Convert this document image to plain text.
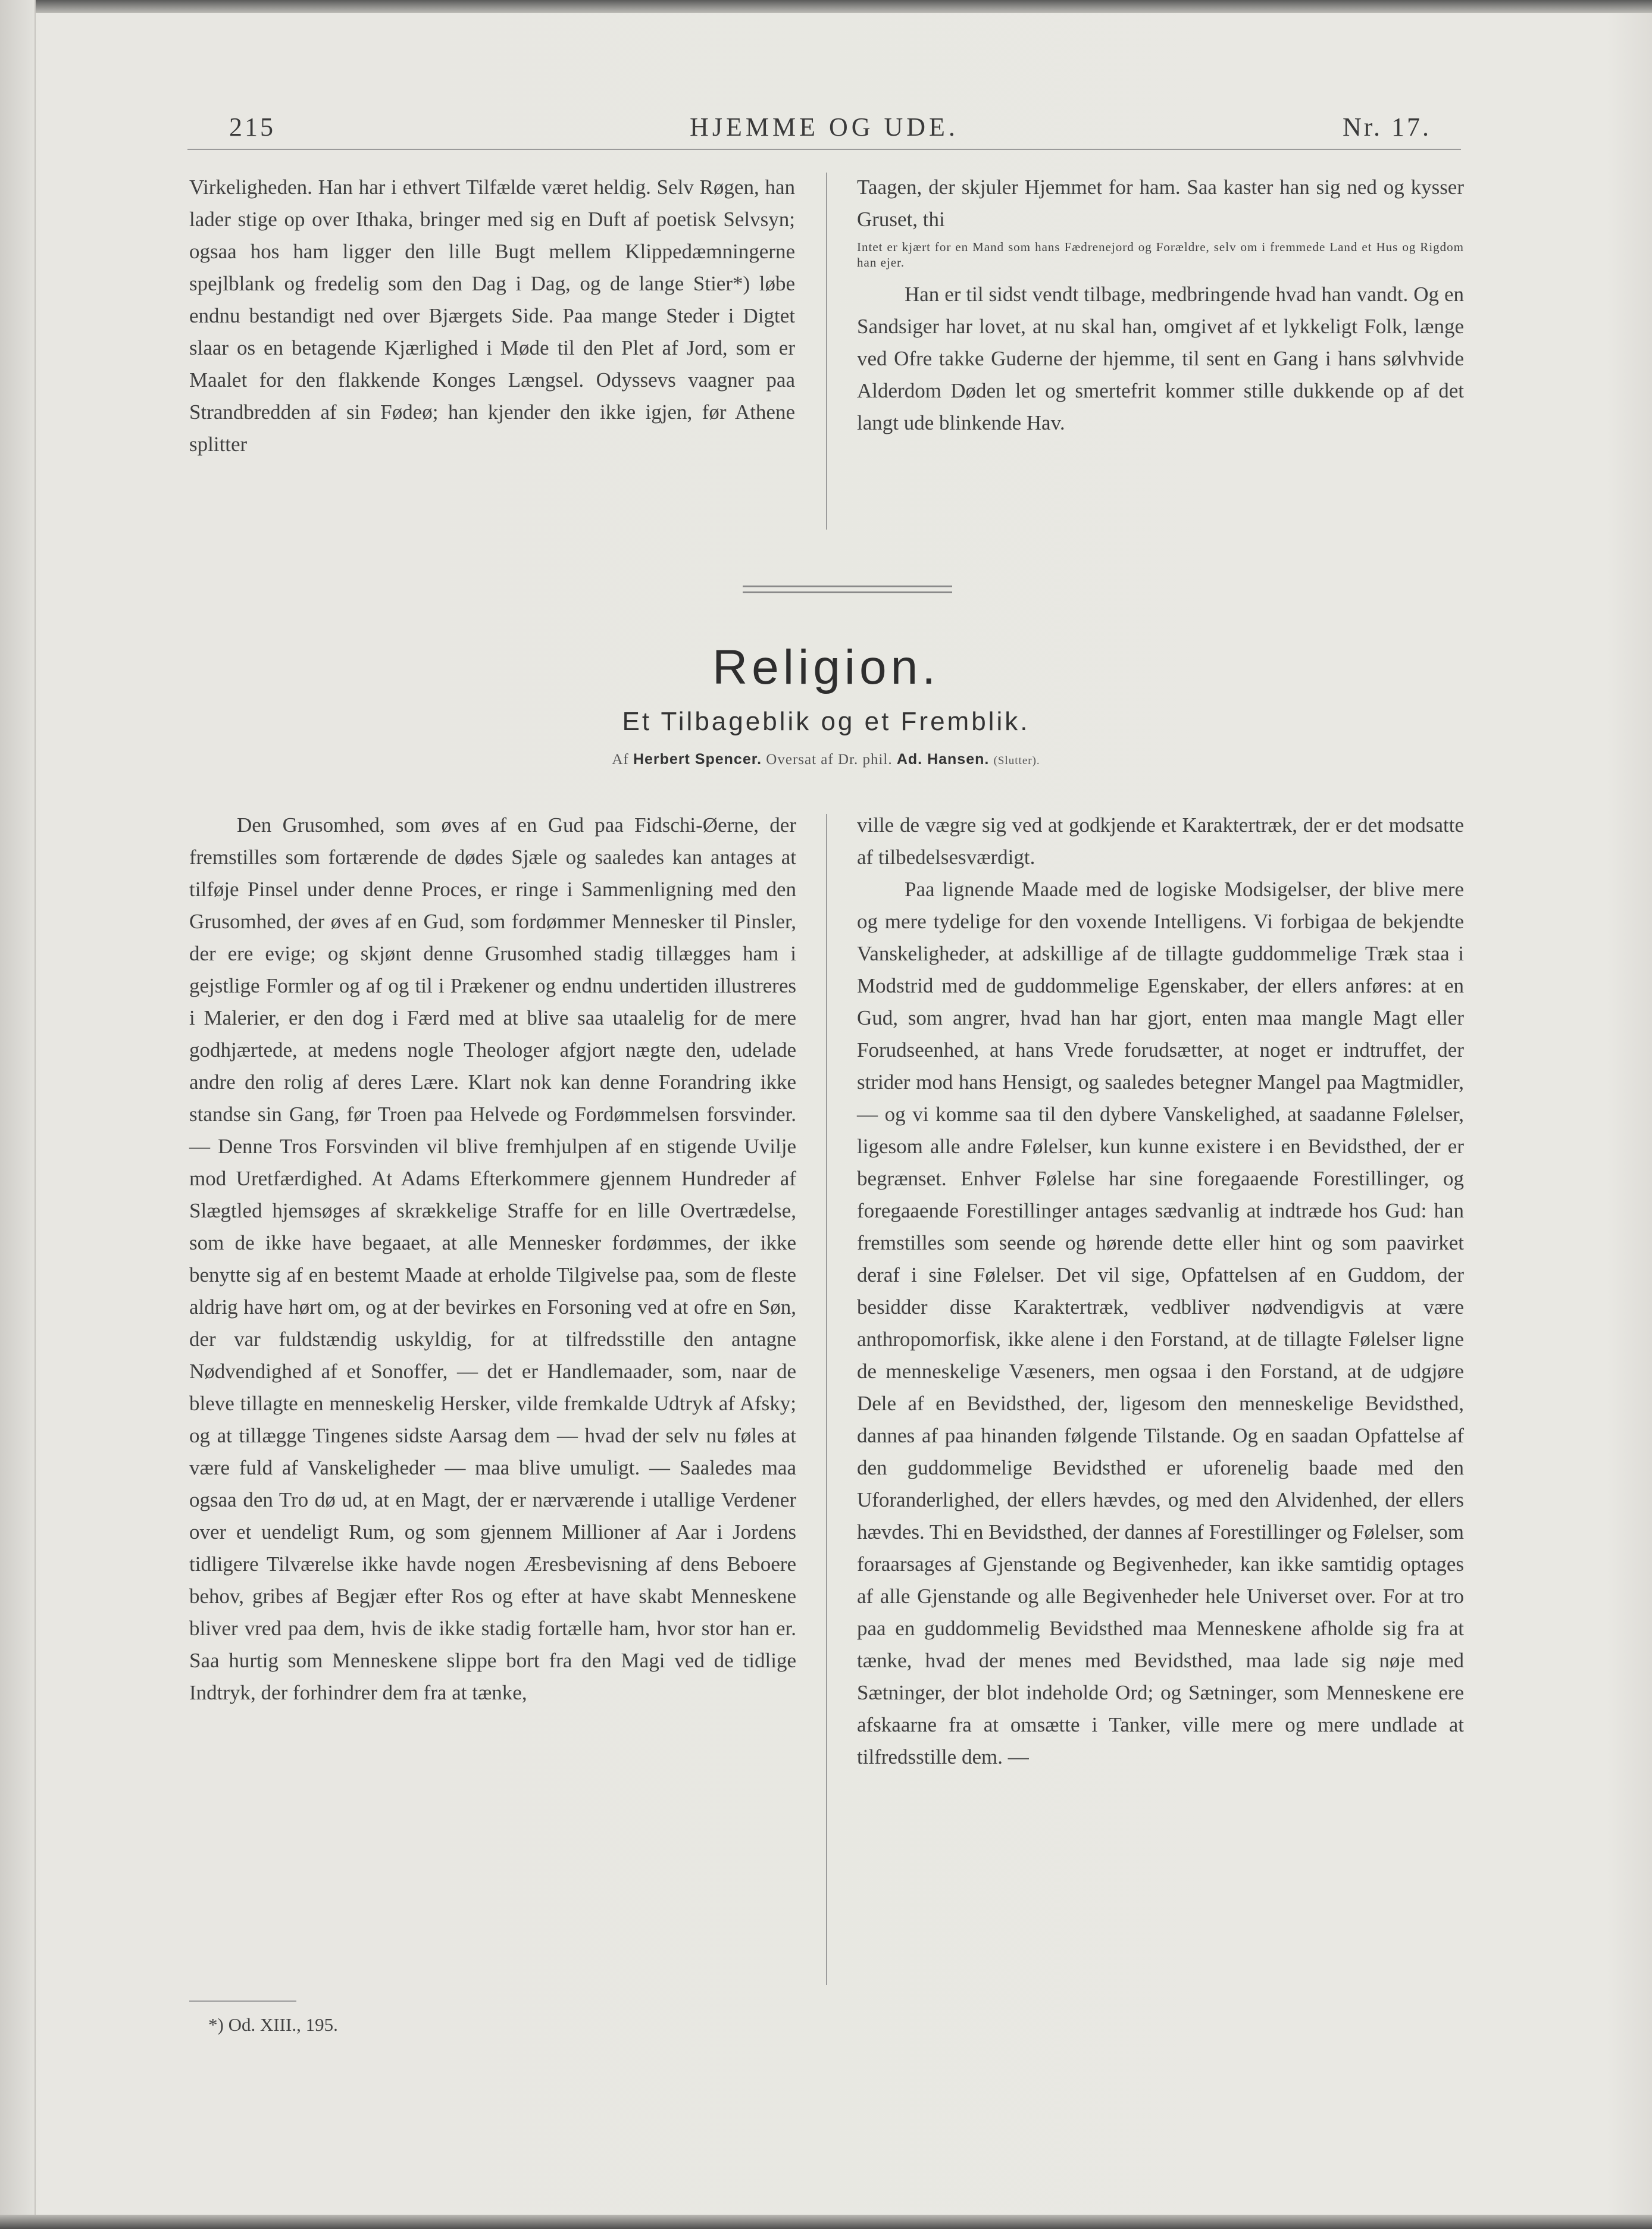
215	HJEMME OG UDE.	Nr. 17.

Virkeligheden. Han har i ethvert Tilfælde været heldig. Selv Røgen, han lader stige op over Ithaka, bringer med sig en Duft af poetisk Selvsyn; ogsaa hos ham ligger den lille Bugt mellem Klippedæmningerne spejlblank og fredelig som den Dag i Dag, og de lange Stier*) løbe endnu bestandigt ned over Bjærgets Side. Paa mange Steder i Digtet slaar os en betagende Kjærlighed i Møde til den Plet af Jord, som er Maalet for den flakkende Konges Længsel. Odyssevs vaagner paa Strandbredden af sin Fødeø; han kjender den ikke igjen, før Athene splitter

Taagen, der skjuler Hjemmet for ham. Saa kaster han sig ned og kysser Gruset, thi

Intet er kjært for en Mand som hans Fædrenejord og Forældre, selv om i fremmede Land et Hus og Rigdom han ejer.

Han er til sidst vendt tilbage, medbringende hvad han vandt. Og en Sandsiger har lovet, at nu skal han, omgivet af et lykkeligt Folk, længe ved Ofre takke Guderne der hjemme, til sent en Gang i hans sølvhvide Alderdom Døden let og smertefrit kommer stille dukkende op af det langt ude blinkende Hav.

Religion.
Et Tilbageblik og et Fremblik.
Af Herbert Spencer. Oversat af Dr. phil. Ad. Hansen. (Slutter).

Den Grusomhed, som øves af en Gud paa Fidschi-Øerne, der fremstilles som fortærende de dødes Sjæle og saaledes kan antages at tilføje Pinsel under denne Proces, er ringe i Sammenligning med den Grusomhed, der øves af en Gud, som fordømmer Mennesker til Pinsler, der ere evige; og skjønt denne Grusomhed stadig tillægges ham i gejstlige Formler og af og til i Prækener og endnu undertiden illustreres i Malerier, er den dog i Færd med at blive saa utaalelig for de mere godhjærtede, at medens nogle Theologer afgjort nægte den, udelade andre den rolig af deres Lære. Klart nok kan denne Forandring ikke standse sin Gang, før Troen paa Helvede og Fordømmelsen forsvinder. — Denne Tros Forsvinden vil blive fremhjulpen af en stigende Uvilje mod Uretfærdighed. At Adams Efterkommere gjennem Hundreder af Slægtled hjemsøges af skrækkelige Straffe for en lille Overtrædelse, som de ikke have begaaet, at alle Mennesker fordømmes, der ikke benytte sig af en bestemt Maade at erholde Tilgivelse paa, som de fleste aldrig have hørt om, og at der bevirkes en Forsoning ved at ofre en Søn, der var fuldstændig uskyldig, for at tilfredsstille den antagne Nødvendighed af et Sonoffer, — det er Handlemaader, som, naar de bleve tillagte en menneskelig Hersker, vilde fremkalde Udtryk af Afsky; og at tillægge Tingenes sidste Aarsag dem — hvad der selv nu føles at være fuld af Vanskeligheder — maa blive umuligt. — Saaledes maa ogsaa den Tro dø ud, at en Magt, der er nærværende i utallige Verdener over et uendeligt Rum, og som gjennem Millioner af Aar i Jordens tidligere Tilværelse ikke havde nogen Æresbevisning af dens Beboere behov, gribes af Begjær efter Ros og efter at have skabt Menneskene bliver vred paa dem, hvis de ikke stadig fortælle ham, hvor stor han er. Saa hurtig som Menneskene slippe bort fra den Magi ved de tidlige Indtryk, der forhindrer dem fra at tænke,

ville de vægre sig ved at godkjende et Karaktertræk, der er det modsatte af tilbedelsesværdigt.

Paa lignende Maade med de logiske Modsigelser, der blive mere og mere tydelige for den voxende Intelligens. Vi forbigaa de bekjendte Vanskeligheder, at adskillige af de tillagte guddommelige Træk staa i Modstrid med de guddommelige Egenskaber, der ellers anføres: at en Gud, som angrer, hvad han har gjort, enten maa mangle Magt eller Forudseenhed, at hans Vrede forudsætter, at noget er indtruffet, der strider mod hans Hensigt, og saaledes betegner Mangel paa Magtmidler, — og vi komme saa til den dybere Vanskelighed, at saadanne Følelser, ligesom alle andre Følelser, kun kunne existere i en Bevidsthed, der er begrænset. Enhver Følelse har sine foregaaende Forestillinger, og foregaaende Forestillinger antages sædvanlig at indtræde hos Gud: han fremstilles som seende og hørende dette eller hint og som paavirket deraf i sine Følelser. Det vil sige, Opfattelsen af en Guddom, der besidder disse Karaktertræk, vedbliver nødvendigvis at være anthropomorfisk, ikke alene i den Forstand, at de tillagte Følelser ligne de menneskelige Væseners, men ogsaa i den Forstand, at de udgjøre Dele af en Bevidsthed, der, ligesom den menneskelige Bevidsthed, dannes af paa hinanden følgende Tilstande. Og en saadan Opfattelse af den guddommelige Bevidsthed er uforenelig baade med den Uforanderlighed, der ellers hævdes, og med den Alvidenhed, der ellers hævdes. Thi en Bevidsthed, der dannes af Forestillinger og Følelser, som foraarsages af Gjenstande og Begivenheder, kan ikke samtidig optages af alle Gjenstande og alle Begivenheder hele Universet over. For at tro paa en guddommelig Bevidsthed maa Menneskene afholde sig fra at tænke, hvad der menes med Bevidsthed, maa lade sig nøje med Sætninger, der blot indeholde Ord; og Sætninger, som Menneskene ere afskaarne fra at omsætte i Tanker, ville mere og mere undlade at tilfredsstille dem. —

*) Od. XIII., 195.
